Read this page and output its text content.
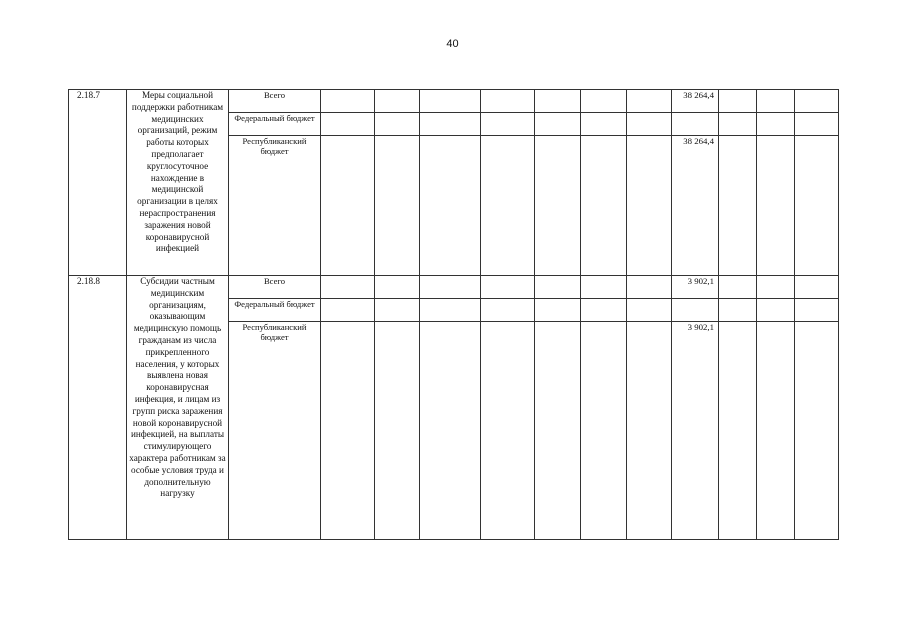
40
2.18.7	Меры социальной поддержки работникам медицинских организаций, режим работы которых предполагает круглосуточное нахождение в медицинской организации в целях нераспространения заражения новой коронавирусной инфекцией	Всего								38 264,4			
		Федеральный бюджет											
		Республиканский бюджет								38 264,4			
2.18.8	Субсидии частным медицинским организациям, оказывающим медицинскую помощь гражданам из числа прикрепленного населения, у которых выявлена новая коронавирусная инфекция, и лицам из групп риска заражения новой коронавирусной инфекцией, на выплаты стимулирующего характера работникам за особые условия труда и дополнительную нагрузку	Всего								3 902,1			
		Федеральный бюджет											
		Республиканский бюджет								3 902,1			
